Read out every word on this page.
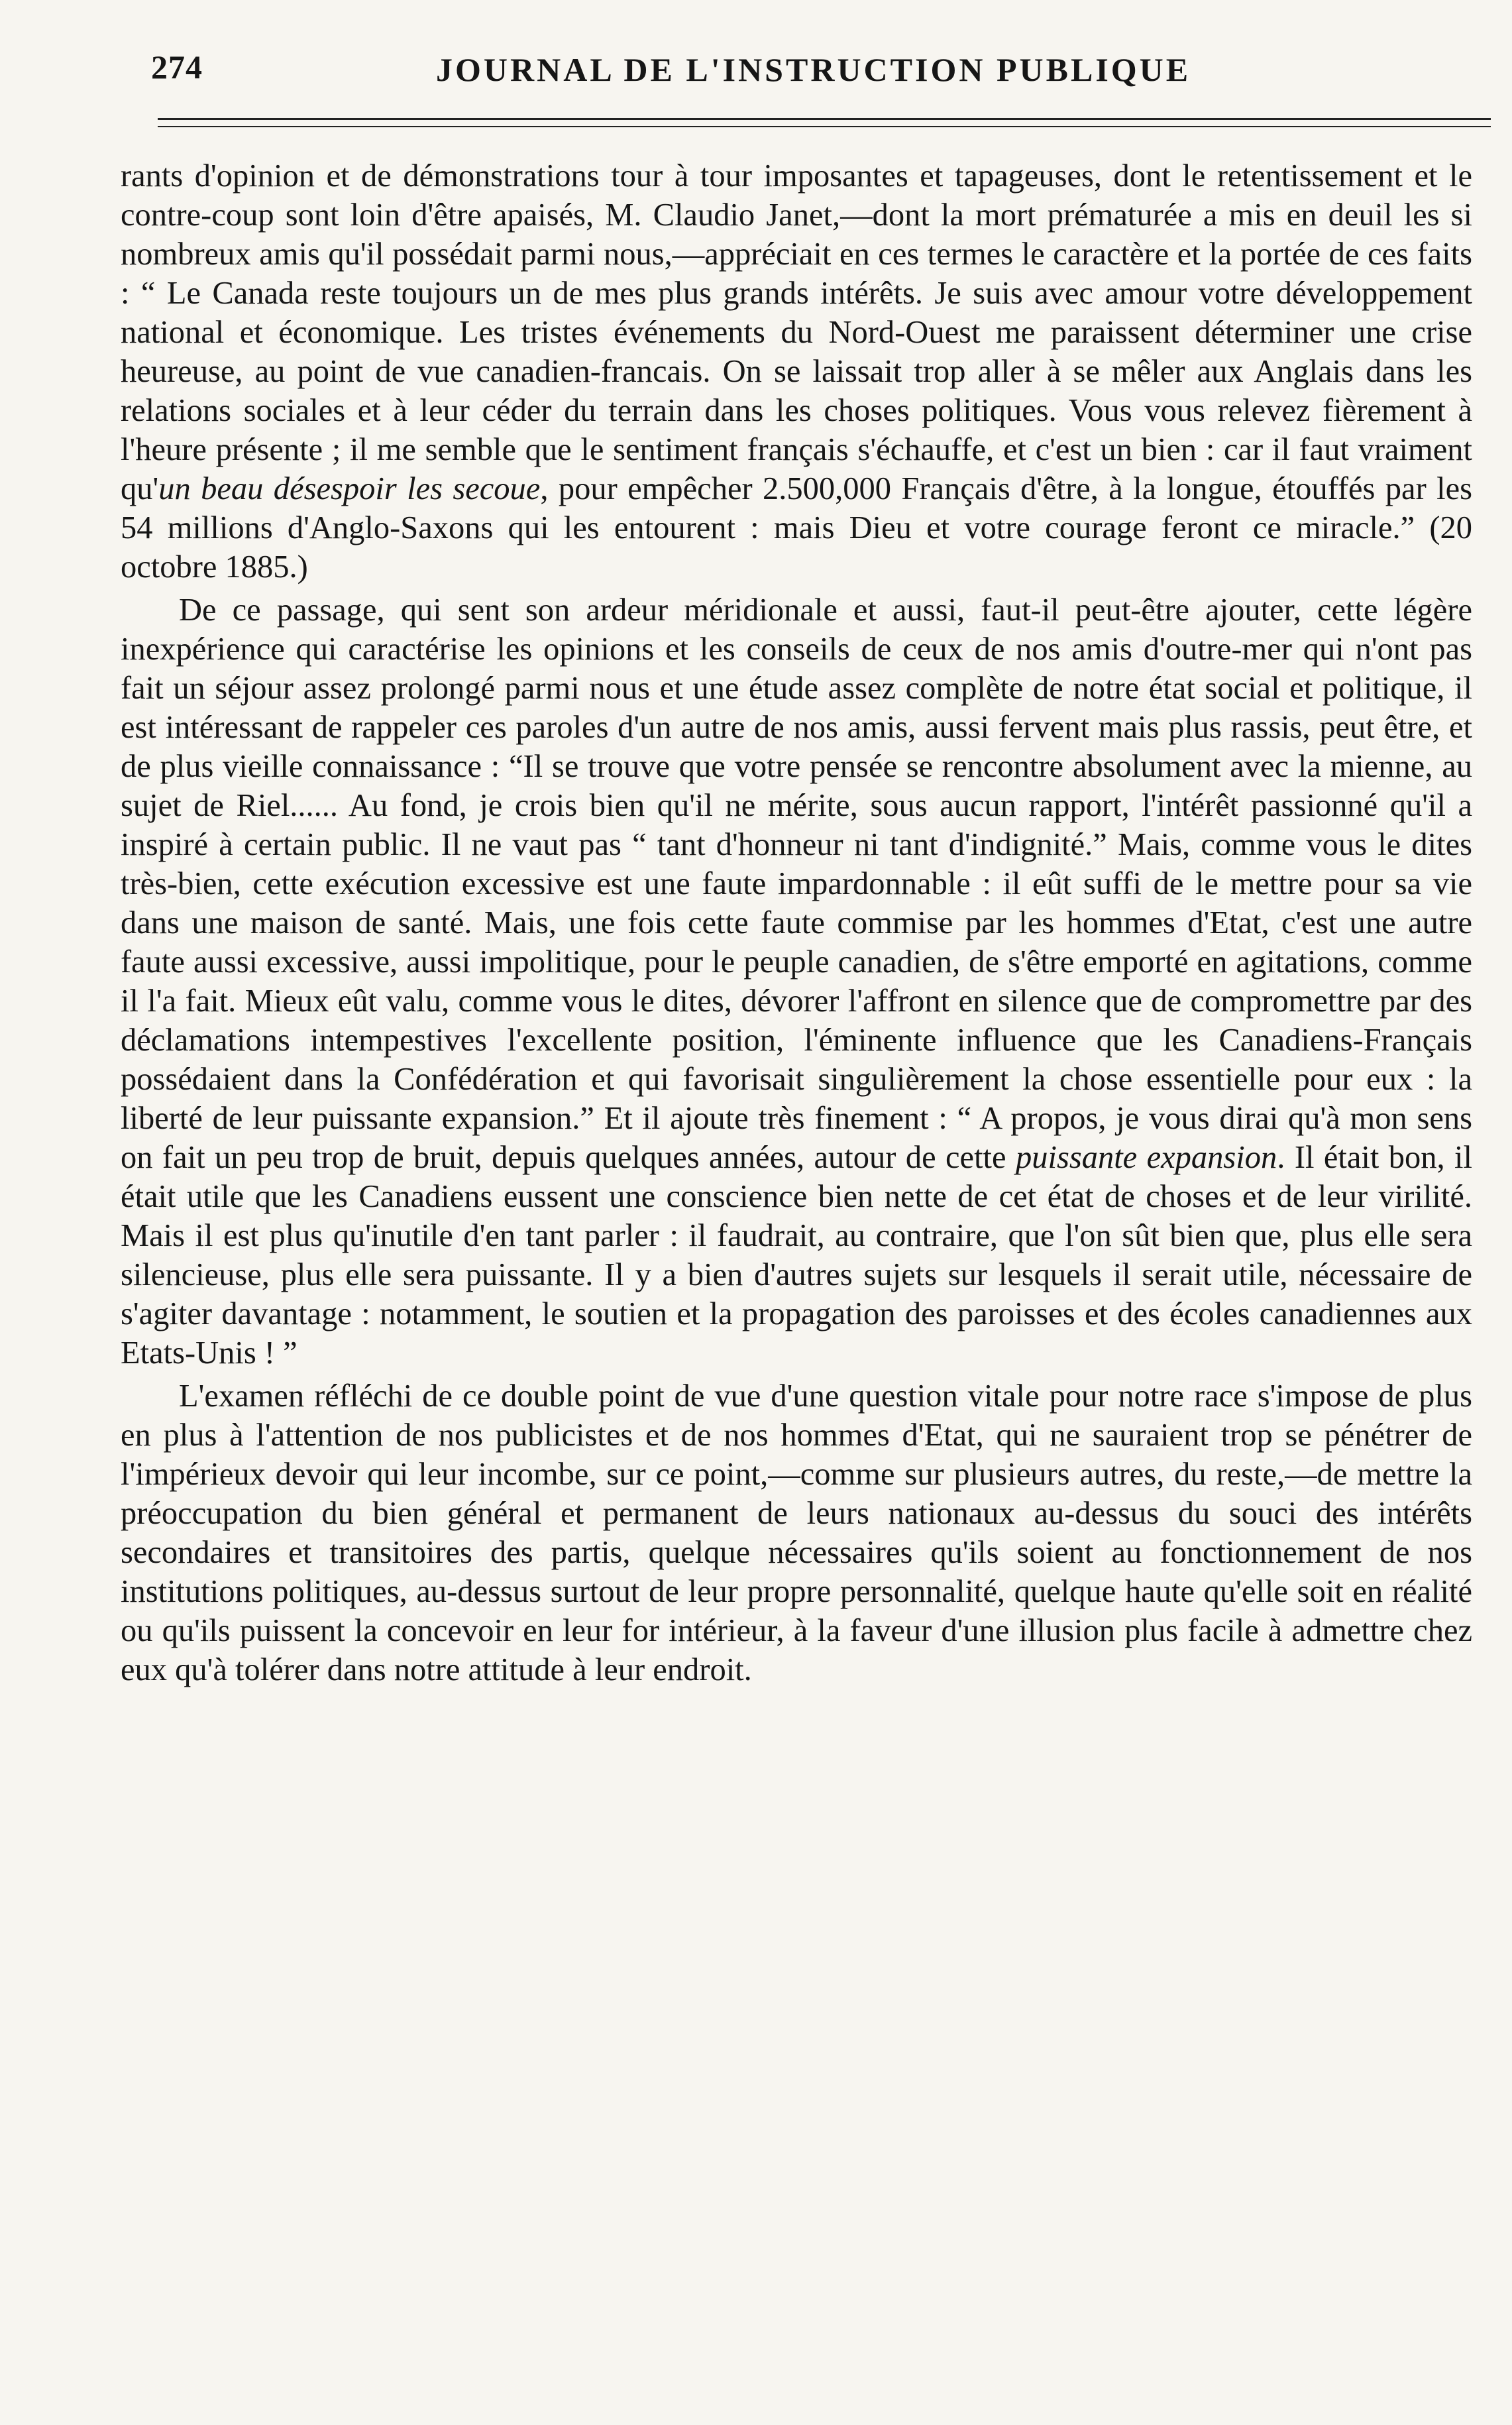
274	JOURNAL DE L'INSTRUCTION PUBLIQUE

rants d'opinion et de démonstrations tour à tour imposantes et tapageuses, dont le retentissement et le contre-coup sont loin d'être apaisés, M. Claudio Janet,—dont la mort prématurée a mis en deuil les si nombreux amis qu'il possédait parmi nous,—appréciait en ces termes le caractère et la portée de ces faits : “ Le Canada reste toujours un de mes plus grands intérêts. Je suis avec amour votre développement national et économique. Les tristes événements du Nord-Ouest me paraissent déterminer une crise heureuse, au point de vue canadien-francais. On se laissait trop aller à se mêler aux Anglais dans les relations sociales et à leur céder du terrain dans les choses politiques. Vous vous relevez fièrement à l'heure présente ; il me semble que le sentiment français s'échauffe, et c'est un bien : car il faut vraiment qu'un beau désespoir les secoue, pour empêcher 2.500,000 Français d'être, à la longue, étouffés par les 54 millions d'Anglo-Saxons qui les entourent : mais Dieu et votre courage feront ce miracle.” (20 octobre 1885.)

De ce passage, qui sent son ardeur méridionale et aussi, faut-il peut-être ajouter, cette légère inexpérience qui caractérise les opinions et les conseils de ceux de nos amis d'outre-mer qui n'ont pas fait un séjour assez prolongé parmi nous et une étude assez complète de notre état social et politique, il est intéressant de rappeler ces paroles d'un autre de nos amis, aussi fervent mais plus rassis, peut être, et de plus vieille connaissance : “Il se trouve que votre pensée se rencontre absolument avec la mienne, au sujet de Riel...... Au fond, je crois bien qu'il ne mérite, sous aucun rapport, l'intérêt passionné qu'il a inspiré à certain public. Il ne vaut pas “ tant d'honneur ni tant d'indignité.” Mais, comme vous le dites très-bien, cette exécution excessive est une faute impardonnable : il eût suffi de le mettre pour sa vie dans une maison de santé. Mais, une fois cette faute commise par les hommes d'Etat, c'est une autre faute aussi excessive, aussi impolitique, pour le peuple canadien, de s'être emporté en agitations, comme il l'a fait. Mieux eût valu, comme vous le dites, dévorer l'affront en silence que de compromettre par des déclamations intempestives l'excellente position, l'éminente influence que les Canadiens-Français possédaient dans la Confédération et qui favorisait singulièrement la chose essentielle pour eux : la liberté de leur puissante expansion.” Et il ajoute très finement : “ A propos, je vous dirai qu'à mon sens on fait un peu trop de bruit, depuis quelques années, autour de cette puissante expansion. Il était bon, il était utile que les Canadiens eussent une conscience bien nette de cet état de choses et de leur virilité. Mais il est plus qu'inutile d'en tant parler : il faudrait, au contraire, que l'on sût bien que, plus elle sera silencieuse, plus elle sera puissante. Il y a bien d'autres sujets sur lesquels il serait utile, nécessaire de s'agiter davantage : notamment, le soutien et la propagation des paroisses et des écoles canadiennes aux Etats-Unis ! ”

L'examen réfléchi de ce double point de vue d'une question vitale pour notre race s'impose de plus en plus à l'attention de nos publicistes et de nos hommes d'Etat, qui ne sauraient trop se pénétrer de l'impérieux devoir qui leur incombe, sur ce point,—comme sur plusieurs autres, du reste,—de mettre la préoccupation du bien général et permanent de leurs nationaux au-dessus du souci des intérêts secondaires et transitoires des partis, quelque nécessaires qu'ils soient au fonctionnement de nos institutions politiques, au-dessus surtout de leur propre personnalité, quelque haute qu'elle soit en réalité ou qu'ils puissent la concevoir en leur for intérieur, à la faveur d'une illusion plus facile à admettre chez eux qu'à tolérer dans notre attitude à leur endroit.
